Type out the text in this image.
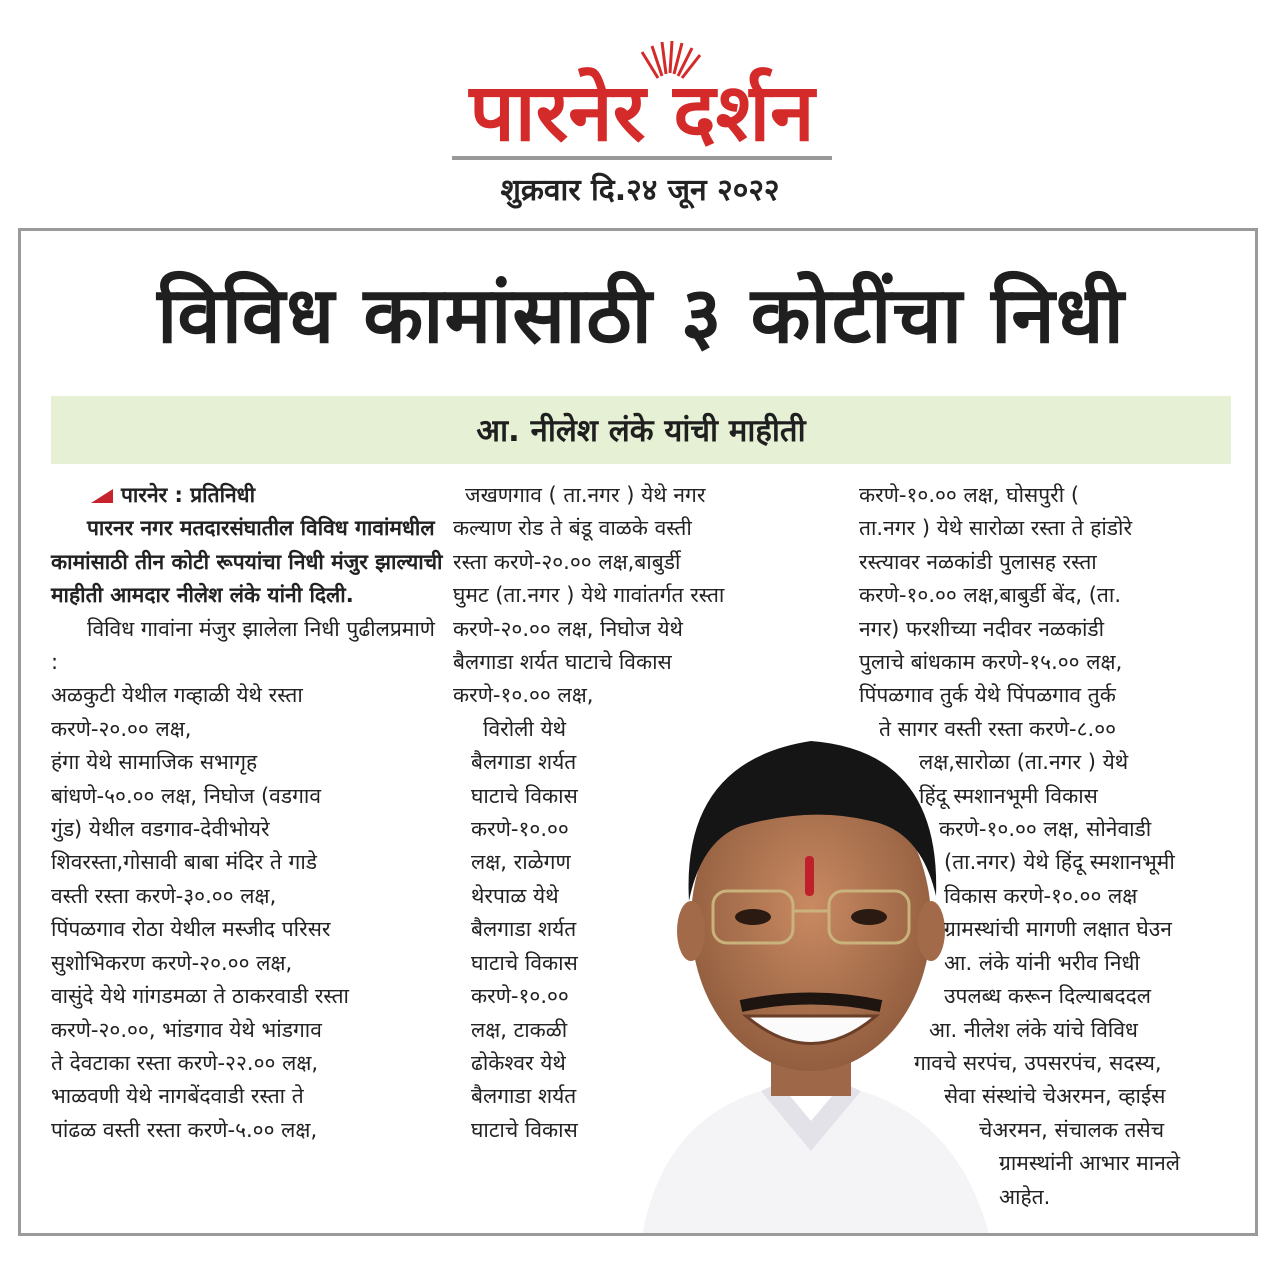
पारनेर दर्शन
शुक्रवार दि.२४ जून २०२२
विविध कामांसाठी ३ कोटींचा निधी
आ. नीलेश लंके यांची माहीती

पारनेर : प्रतिनिधी

पारनर नगर मतदारसंघातील विविध गावांमधील कामांसाठी तीन कोटी रूपयांचा निधी मंजुर झाल्याची माहीती आमदार नीलेश लंके यांनी दिली.

विविध गावांना मंजुर झालेला निधी पुढीलप्रमाणे :

अळकुटी येथील गव्हाळी येथे रस्ता
करणे-२०.०० लक्ष,
हंगा येथे सामाजिक सभागृह
बांधणे-५०.०० लक्ष, निघोज (वडगाव
गुंड) येथील वडगाव-देवीभोयरे
शिवरस्ता,गोसावी बाबा मंदिर ते गाडे
वस्ती रस्ता करणे-३०.०० लक्ष,
पिंपळगाव रोठा येथील मस्जीद परिसर
सुशोभिकरण करणे-२०.०० लक्ष,
वासुंदे येथे गांगडमळा ते ठाकरवाडी रस्ता
करणे-२०.००, भांडगाव येथे भांडगाव
ते देवटाका रस्ता करणे-२२.०० लक्ष,
भाळवणी येथे नागबेंदवाडी रस्ता ते
पांढळ वस्ती रस्ता करणे-५.०० लक्ष,
जखणगाव ( ता.नगर ) येथे नगर
कल्याण रोड ते बंडू वाळके वस्ती
रस्ता करणे-२०.०० लक्ष,बाबुर्डी
घुमट (ता.नगर ) येथे गावांतर्गत रस्ता
करणे-२०.०० लक्ष, निघोज येथे
बैलगाडा शर्यत घाटाचे विकास
करणे-१०.०० लक्ष,
विरोली येथे
बैलगाडा शर्यत
घाटाचे विकास
करणे-१०.००
लक्ष, राळेगण
थेरपाळ येथे
बैलगाडा शर्यत
घाटाचे विकास
करणे-१०.००
लक्ष, टाकळी
ढोकेश्वर येथे
बैलगाडा शर्यत
घाटाचे विकास
करणे-१०.०० लक्ष, घोसपुरी (
ता.नगर ) येथे सारोळा रस्ता ते हांडोरे
रस्त्यावर नळकांडी पुलासह रस्ता
करणे-१०.०० लक्ष,बाबुर्डी बेंद, (ता.
नगर) फरशीच्या नदीवर नळकांडी
पुलाचे बांधकाम करणे-१५.०० लक्ष,
पिंपळगाव तुर्क येथे पिंपळगाव तुर्क
ते सागर वस्ती रस्ता करणे-८.००
लक्ष,सारोळा (ता.नगर ) येथे
हिंदू स्मशानभूमी विकास
करणे-१०.०० लक्ष, सोनेवाडी
(ता.नगर) येथे हिंदू स्मशानभूमी
विकास करणे-१०.०० लक्ष
ग्रामस्थांची मागणी लक्षात घेउन
आ. लंके यांनी भरीव निधी
उपलब्ध करून दिल्याबददल
आ. नीलेश लंके यांचे विविध
गावचे सरपंच, उपसरपंच, सदस्य,
सेवा संस्थांचे चेअरमन, व्हाईस
चेअरमन, संचालक तसेच
ग्रामस्थांनी आभार मानले
आहेत.
